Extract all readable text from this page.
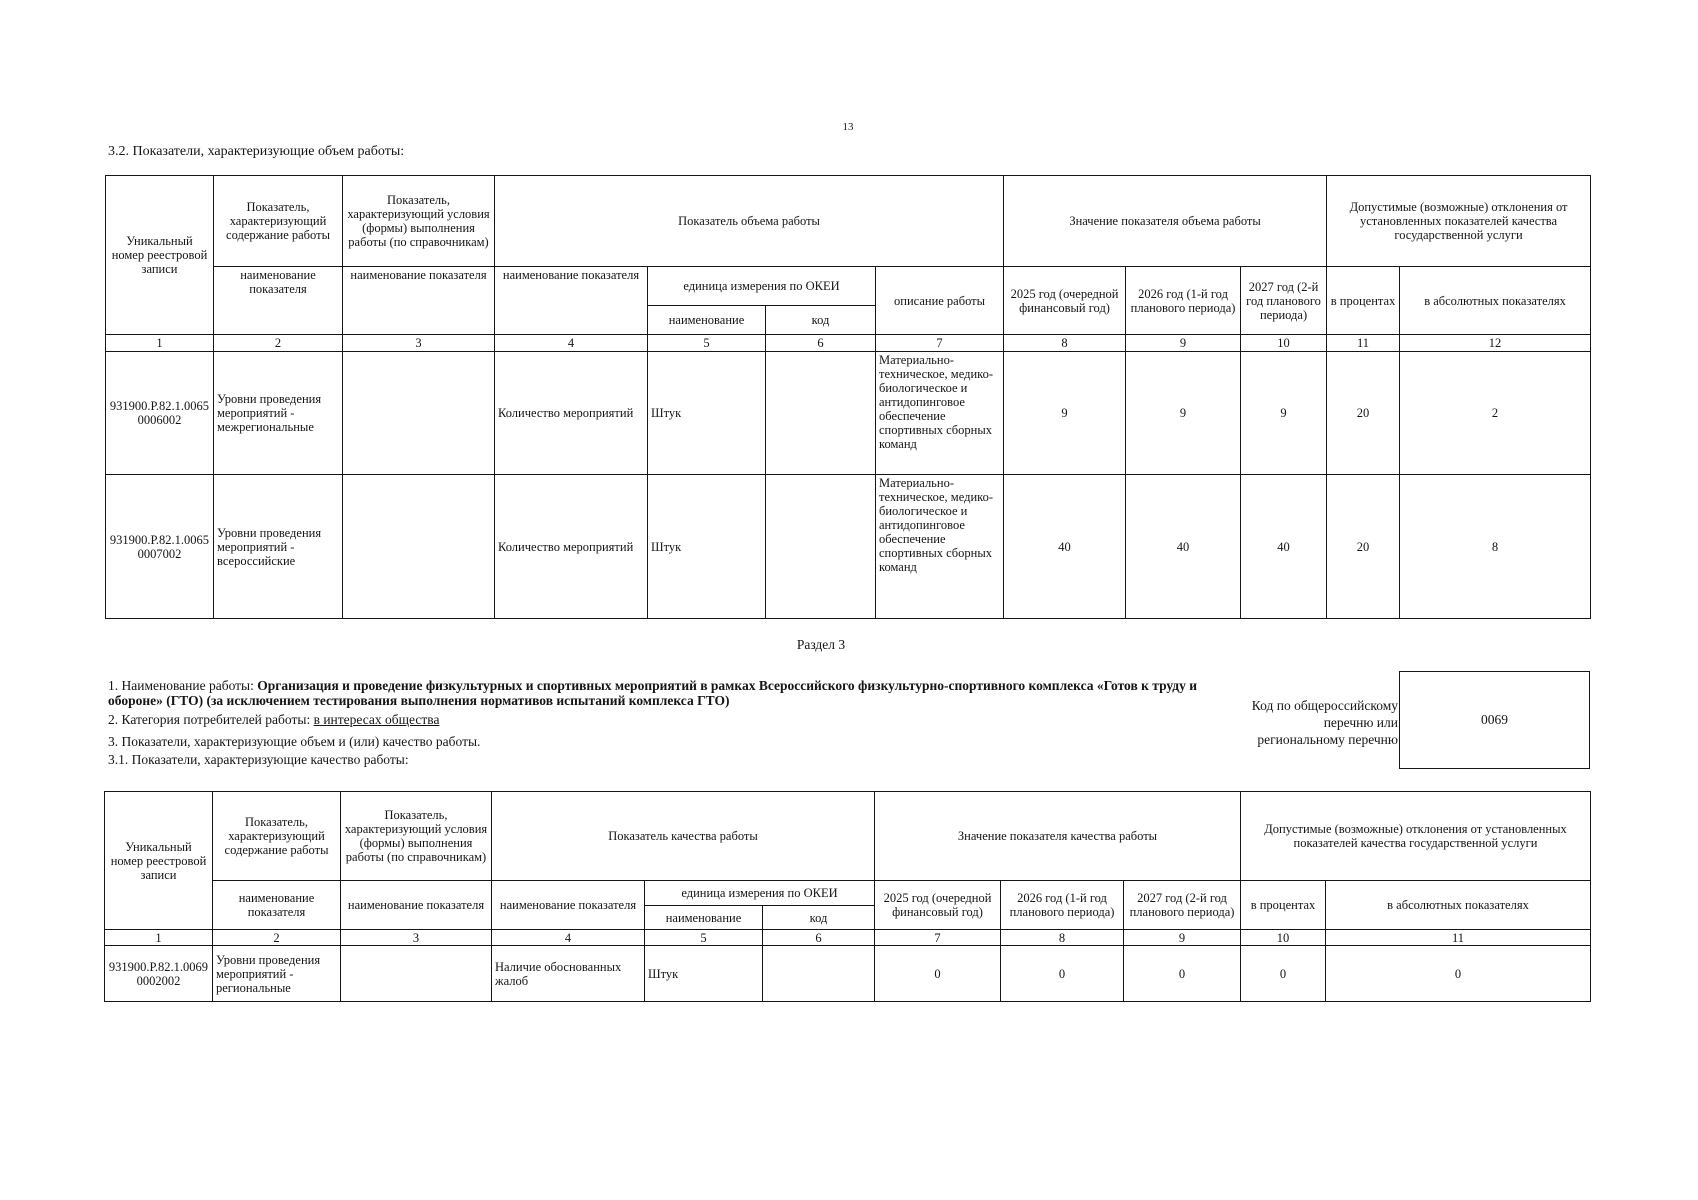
13
3.2. Показатели, характеризующие объем работы:
Уникальный номер реестровой записи	Показатель, характеризующий содержание работы	Показатель, характеризующий условия (формы) выполнения работы (по справочникам)	Показатель объема работы				Значение показателя объема работы			Допустимые (возможные) отклонения от установленных показателей качества государственной услуги	
	наименование показателя	наименование показателя	наименование показателя	единица измерения по ОКЕИ		описание работы	2025 год (очередной финансовый год)	2026 год (1-й год планового периода)	2027 год (2-й год планового периода)	в процентах	в абсолютных показателях
				наименование	код						
1	2	3	4	5	6	7	8	9	10	11	12
931900.Р.82.1.0065 0006002	Уровни проведения мероприятий - межрегиональные		Количество мероприятий	Штук		Материально-техническое, медико-биологическое и антидопинговое обеспечение спортивных сборных команд	9	9	9	20	2
931900.Р.82.1.0065 0007002	Уровни проведения мероприятий - всероссийские		Количество мероприятий	Штук		Материально-техническое, медико-биологическое и антидопинговое обеспечение спортивных сборных команд	40	40	40	20	8
Раздел 3
1. Наименование работы: Организация и проведение физкультурных и спортивных мероприятий в рамках Всероссийского физкультурно-спортивного комплекса «Готов к труду и обороне» (ГТО) (за исключением тестирования выполнения нормативов испытаний комплекса ГТО)
2. Категория потребителей работы: в интересах общества
3. Показатели, характеризующие объем и (или) качество работы.
3.1. Показатели, характеризующие качество работы:
Код по общероссийскому перечню или региональному перечню
0069
Уникальный номер реестровой записи	Показатель, характеризующий содержание работы	Показатель, характеризующий условия (формы) выполнения работы (по справочникам)	Показатель качества работы			Значение показателя качества работы			Допустимые (возможные) отклонения от установленных показателей качества государственной услуги	
	наименование показателя	наименование показателя	наименование показателя	единица измерения по ОКЕИ		2025 год (очередной финансовый год)	2026 год (1-й год планового периода)	2027 год (2-й год планового периода)	в процентах	в абсолютных показателях
				наименование	код					
1	2	3	4	5	6	7	8	9	10	11
931900.Р.82.1.0069 0002002	Уровни проведения мероприятий - региональные		Наличие обоснованных жалоб	Штук		0	0	0	0	0
